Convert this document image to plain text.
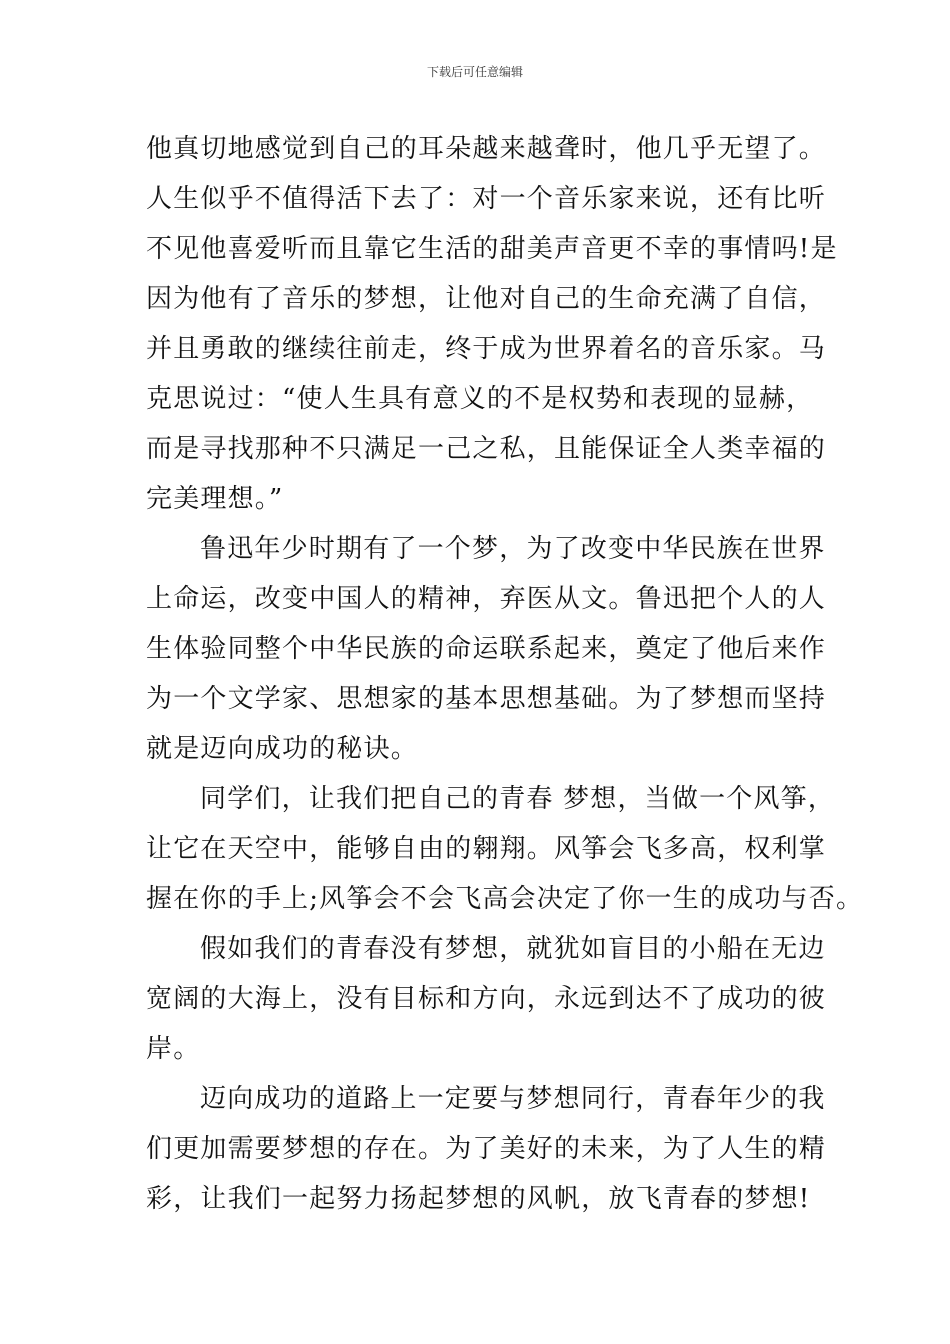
下载后可任意编辑
他真切地感觉到自己的耳朵越来越聋时，他几乎无望了。
人生似乎不值得活下去了：对一个音乐家来说，还有比听
不见他喜爱听而且靠它生活的甜美声音更不幸的事情吗!是
因为他有了音乐的梦想，让他对自己的生命充满了自信，
并且勇敢的继续往前走，终于成为世界着名的音乐家。马
克思说过：“使人生具有意义的不是权势和表现的显赫，
而是寻找那种不只满足一己之私，且能保证全人类幸福的
完美理想。”
鲁迅年少时期有了一个梦，为了改变中华民族在世界
上命运，改变中国人的精神，弃医从文。鲁迅把个人的人
生体验同整个中华民族的命运联系起来，奠定了他后来作
为一个文学家、思想家的基本思想基础。为了梦想而坚持
就是迈向成功的秘诀。
同学们，让我们把自己的青春 梦想，当做一个风筝，
让它在天空中，能够自由的翱翔。风筝会飞多高，权利掌
握在你的手上;风筝会不会飞高会决定了你一生的成功与否。
假如我们的青春没有梦想，就犹如盲目的小船在无边
宽阔的大海上，没有目标和方向，永远到达不了成功的彼
岸。
迈向成功的道路上一定要与梦想同行，青春年少的我
们更加需要梦想的存在。为了美好的未来，为了人生的精
彩，让我们一起努力扬起梦想的风帆，放飞青春的梦想!
